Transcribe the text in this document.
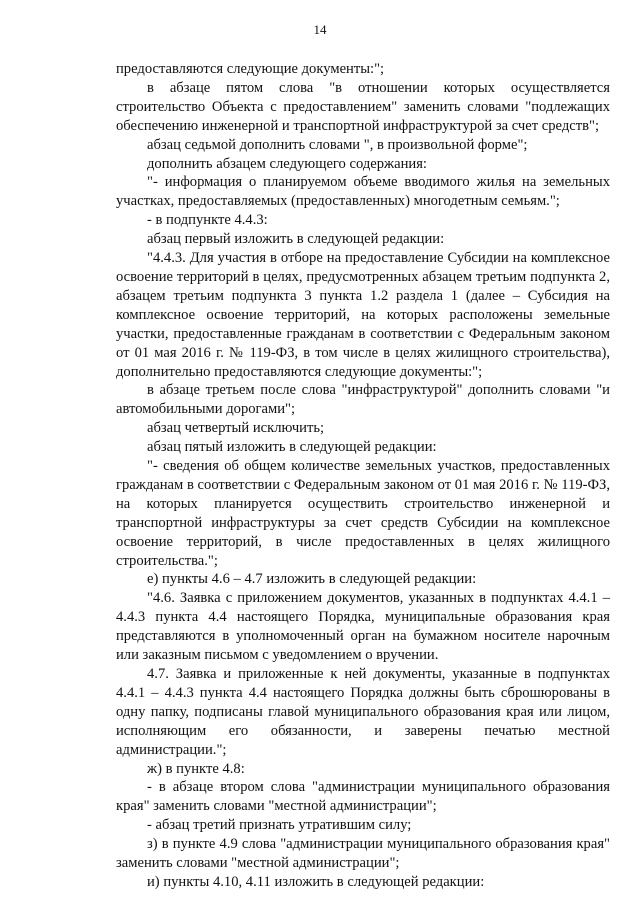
14

предоставляются следующие документы:";

в абзаце пятом слова "в отношении которых осуществляется строительство Объекта с предоставлением" заменить словами "подлежащих обеспечению инженерной и транспортной инфраструктурой за счет средств";

абзац седьмой дополнить словами ", в произвольной форме";

дополнить абзацем следующего содержания:

"- информация о планируемом объеме вводимого жилья на земельных участках, предоставляемых (предоставленных) многодетным семьям.";

- в подпункте 4.4.3:

абзац первый изложить в следующей редакции:

"4.4.3. Для участия в отборе на предоставление Субсидии на комплексное освоение территорий в целях, предусмотренных абзацем третьим подпункта 2, абзацем третьим подпункта 3 пункта 1.2 раздела 1 (далее – Субсидия на комплексное освоение территорий, на которых расположены земельные участки, предоставленные гражданам в соответствии с Федеральным законом от 01 мая 2016 г. № 119-ФЗ, в том числе в целях жилищного строительства), дополнительно предоставляются следующие документы:";

в абзаце третьем после слова "инфраструктурой" дополнить словами "и автомобильными дорогами";

абзац четвертый исключить;

абзац пятый изложить в следующей редакции:

"- сведения об общем количестве земельных участков, предоставленных гражданам в соответствии с Федеральным законом от 01 мая 2016 г. № 119-ФЗ, на которых планируется осуществить строительство инженерной и транспортной инфраструктуры за счет средств Субсидии на комплексное освоение территорий, в числе предоставленных в целях жилищного строительства.";

е) пункты 4.6 – 4.7 изложить в следующей редакции:

"4.6. Заявка с приложением документов, указанных в подпунктах 4.4.1 – 4.4.3 пункта 4.4 настоящего Порядка, муниципальные образования края представляются в уполномоченный орган на бумажном носителе нарочным или заказным письмом с уведомлением о вручении.

4.7. Заявка и приложенные к ней документы, указанные в подпунктах 4.4.1 – 4.4.3 пункта 4.4 настоящего Порядка должны быть сброшюрованы в одну папку, подписаны главой муниципального образования края или лицом, исполняющим его обязанности, и заверены печатью местной администрации.";

ж) в пункте 4.8:

- в абзаце втором слова "администрации муниципального образования края" заменить словами "местной администрации";

- абзац третий признать утратившим силу;

з) в пункте 4.9 слова "администрации муниципального образования края" заменить словами "местной администрации";

и) пункты 4.10, 4.11 изложить в следующей редакции:
